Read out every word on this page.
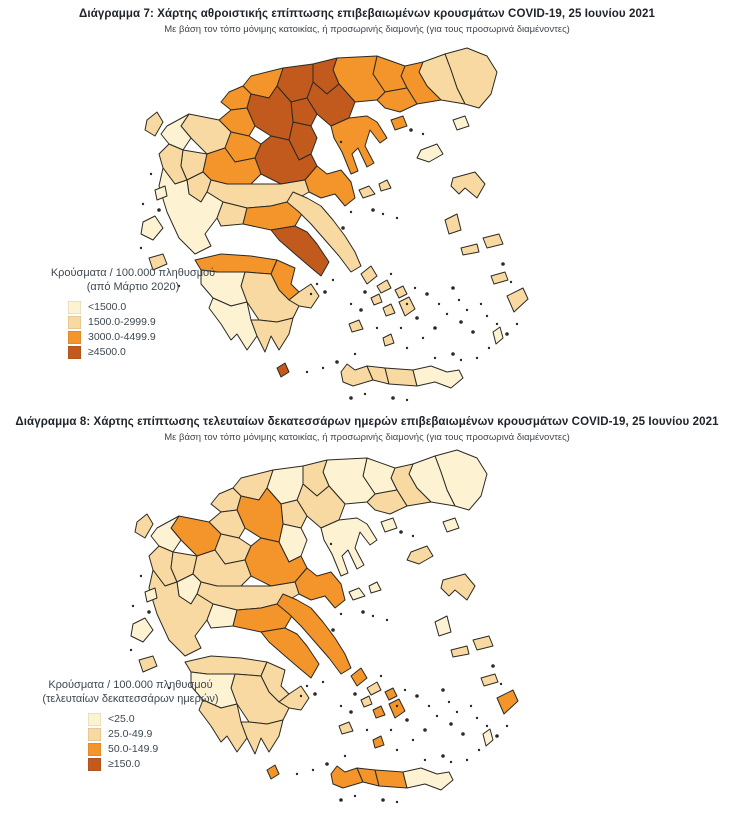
Διάγραμμα 7: Χάρτης αθροιστικής επίπτωσης επιβεβαιωμένων κρουσμάτων COVID-19, 25 Ιουνίου 2021
Με βάση τον τόπο μόνιμης κατοικίας, ή προσωρινής διαμονής (για τους προσωρινά διαμένοντες)
Κρούσματα / 100.000 πληθυσμού
(από Μάρτιο 2020)
<1500.0
1500.0-2999.9
3000.0-4499.9
≥4500.0
Διάγραμμα 8: Χάρτης επίπτωσης τελευταίων δεκατεσσάρων ημερών επιβεβαιωμένων κρουσμάτων COVID-19, 25 Ιουνίου 2021
Με βάση τον τόπο μόνιμης κατοικίας, ή προσωρινής διαμονής (για τους προσωρινά διαμένοντες)
Κρούσματα / 100.000 πληθυσμού
(τελευταίων δεκατεσσάρων ημερών)
<25.0
25.0-49.9
50.0-149.9
≥150.0
